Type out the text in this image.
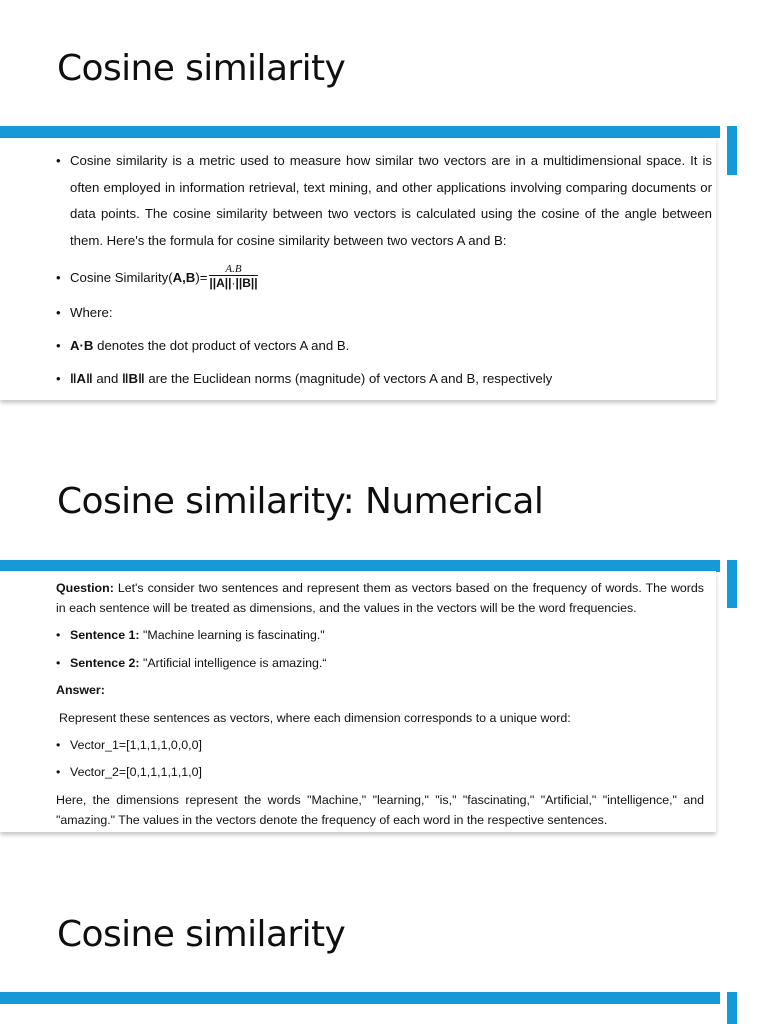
Cosine similarity
• Cosine similarity is a metric used to measure how similar two vectors are in a multidimensional space. It is often employed in information retrieval, text mining, and other applications involving comparing documents or data points. The cosine similarity between two vectors is calculated using the cosine of the angle between them. Here's the formula for cosine similarity between two vectors A and B:
• Cosine Similarity(A,B)= $\frac{A.B}{||A||\cdot||B||}$
• Where:
• A·B denotes the dot product of vectors A and B.
• ‖A‖ and ‖B‖ are the Euclidean norms (magnitude) of vectors A and B, respectively
Cosine similarity: Numerical

Question: Let's consider two sentences and represent them as vectors based on the frequency of words. The words in each sentence will be treated as dimensions, and the values in the vectors will be the word frequencies.

• Sentence 1: "Machine learning is fascinating."
• Sentence 2: "Artificial intelligence is amazing.“

Answer:

Represent these sentences as vectors, where each dimension corresponds to a unique word:

• Vector_1=[1,1,1,1,0,0,0]
• Vector_2=[0,1,1,1,1,1,0]

Here, the dimensions represent the words "Machine," "learning," "is," "fascinating," "Artificial," "intelligence," and "amazing." The values in the vectors denote the frequency of each word in the respective sentences.

Cosine similarity
